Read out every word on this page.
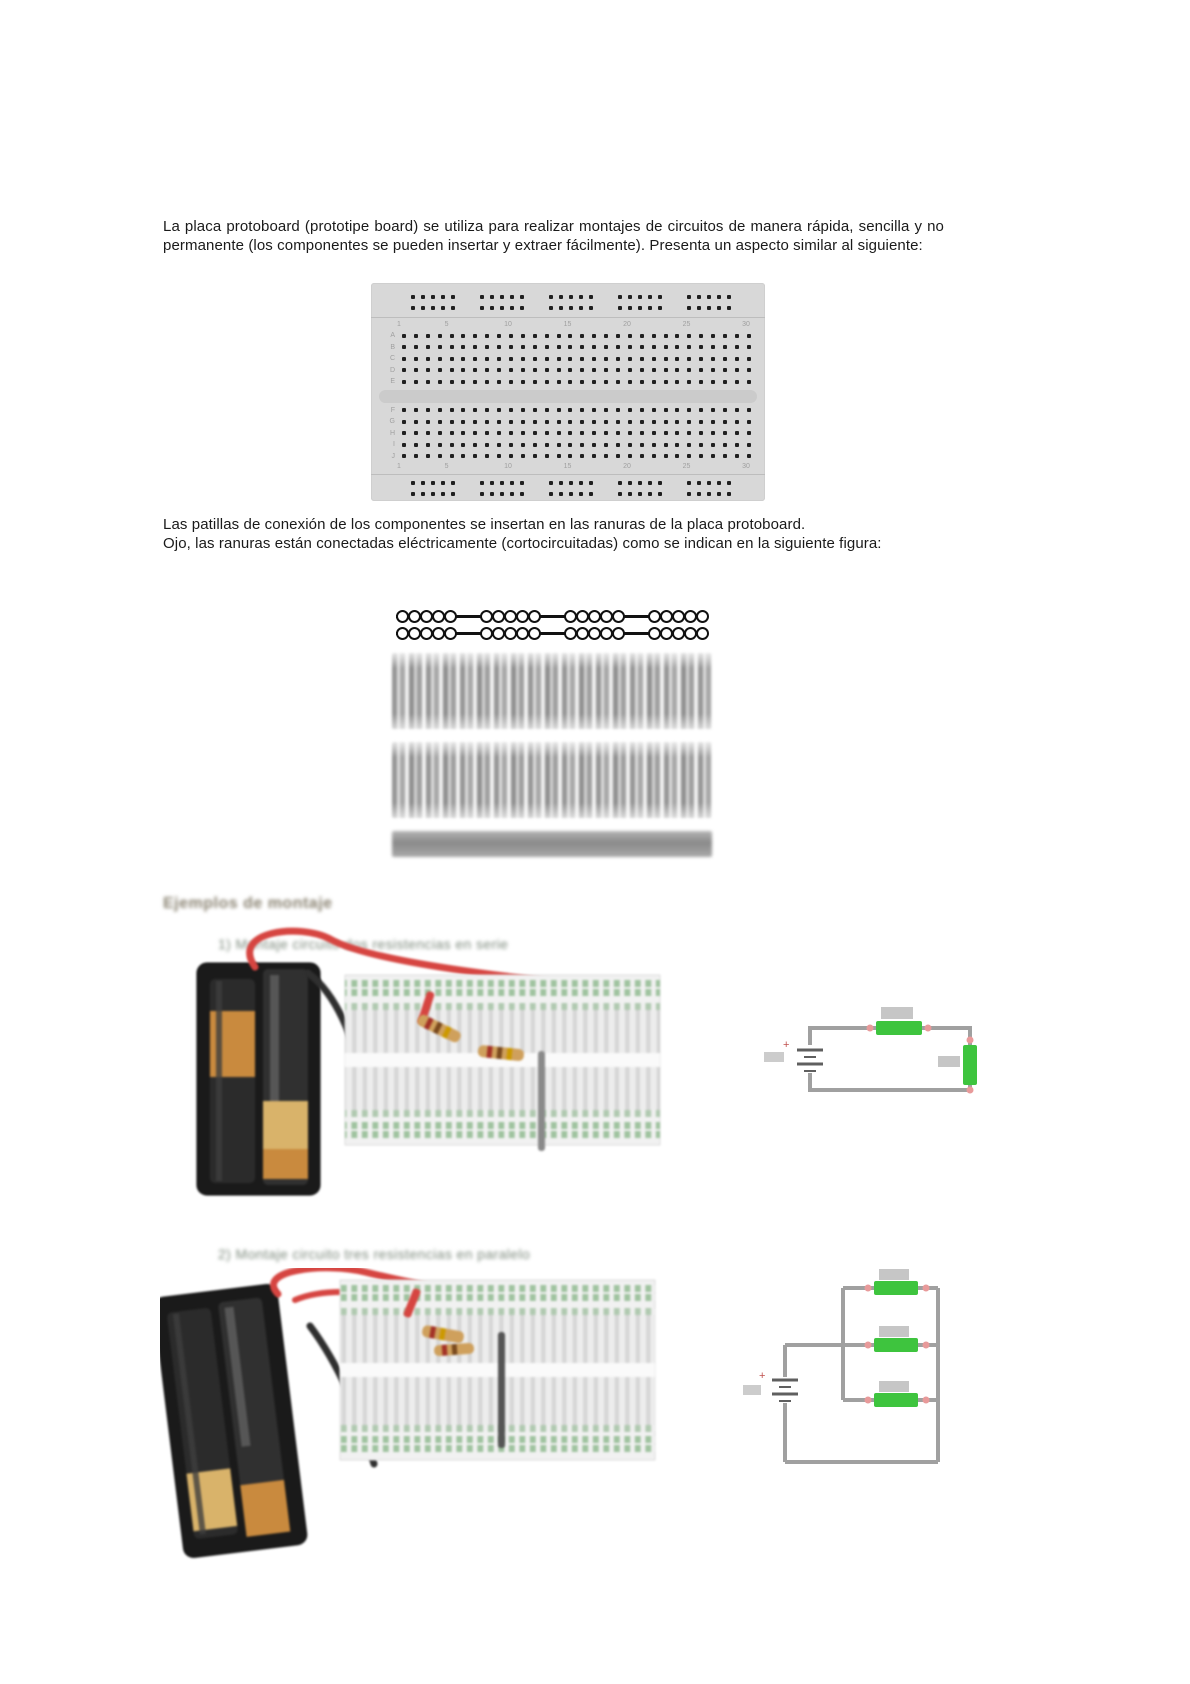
La placa protoboard (prototipe board) se utiliza para realizar montajes de circuitos de manera rápida, sencilla y no permanente (los componentes se pueden insertar y extraer fácilmente). Presenta un aspecto similar al siguiente:
1	5	10	15	20	25	30
A
B
C
D
E
F
G
H
I
J
1	5	10	15	20	25	30
Las patillas de conexión de los componentes se insertan en las ranuras de la placa protoboard.
Ojo, las ranuras están conectadas eléctricamente (cortocircuitadas) como se indican en la siguiente figura:
Ejemplos de montaje
1) Montaje circuito dos resistencias en serie
2) Montaje circuito tres resistencias en paralelo
+
+
